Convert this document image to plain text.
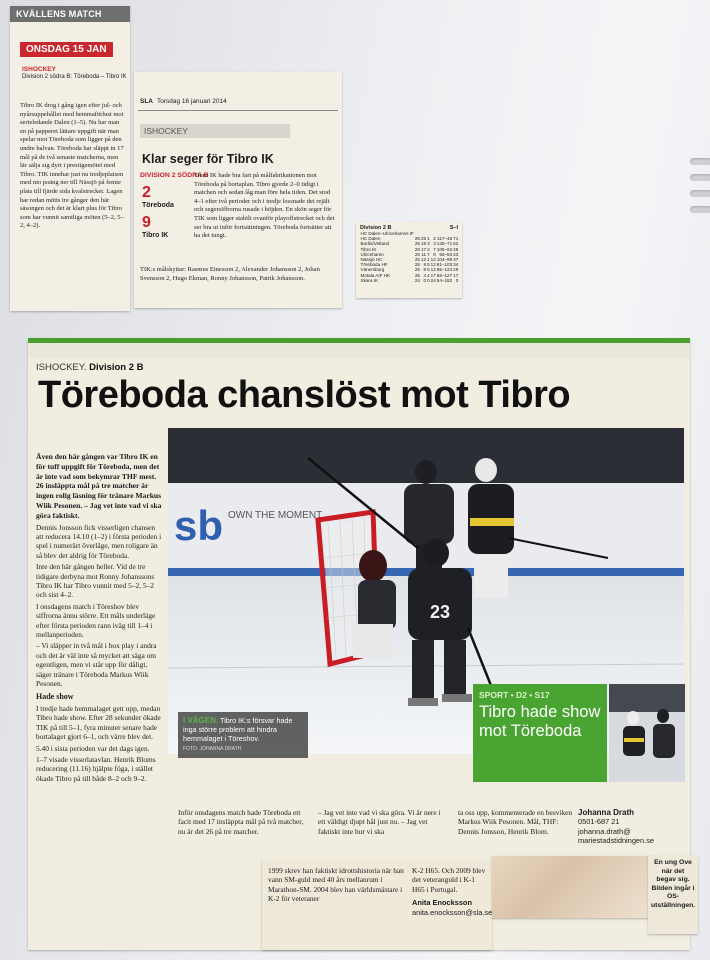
KVÄLLENS MATCH
ONSDAG 15 JAN
ISHOCKEY
Division 2 södra B: Töreboda – Tibro IK
Tibro IK drog i gång igen efter jul- och nyårsuppehållet med hemmaförlust mot serieledande Dalen (1–5). Nu har man en på papperet lättare uppgift när man spelar mot Töreboda som ligger på den undre halvan. Töreboda har släppt in 17 mål på de två senaste matcherna, men lär sälja sig dyrt i prestigemötet med Tibro. TIK innehar just nu tredjeplatsen med nio poäng ner till Nässjö på femte plats till fjärde sida kvalstrecket. Lagen har redan mötts tre gånger den här säsongen och det är klart plus för Tibro som har vunnit samtliga möten (5–2, 5–2, 4–2).
SLA Torsdag 16 januari 2014
ISHOCKEY
Klar seger för Tibro IK
DIVISION 2 SÖDRA B
2
Töreboda
9
Tibro IK
Tibro IK hade bra fart på målfabrikationen mot Töreboda på bortaplan. Tibro gjorde 2–0 tidigt i matchen och sedan låg man före hela tiden. Det stod 4–1 efter två perioder och i tredje lossnade det rejält och segersiffrorna rusade i höjden. En skön seger för TIK som ligger stabilt ovanför playoffstrecket och det ser bra ut inför fortsättningen. Töreboda fortsätter att ha det tungt.
TIK:s målskyttar: Rasmus Einesson 2, Alexander Johansson 2, Johan Svensson 2, Hugo Ekman, Ronny Johansson, Patrik Johansson.
Division 2 B	S–I
HC Dalen–Ulricehamns IF						
HC Dalen	26	25	1	2	117–48	71
Borås/Vetland	25	19	3	3	130–71	62
Tibro IK	26	17	2	7	105–62	49
Ulricehamn	26	11	7	8	93–84	43
Nässjö HC	25	12	1	12	104–99	37
Töreboda HF	25	8	5	12	81–103	34
Vänersborg	25	8	5	12	85–123	29
Motala AIF HK	25	4	4	17	58–127	17
Skara IK	24	0	0	24	54–182	0
ISHOCKEY. Division 2 B
Töreboda chanslöst mot Tibro

Även den här gången var Tibro IK en för tuff uppgift för Töreboda, men det är inte vad som bekymrar THF mest. 26 insläppta mål på tre matcher är ingen rolig läsning för tränare Markus Wiik Pesonen. – Jag vet inte vad vi ska göra faktiskt.

Dennis Jonsson fick visserligen chansen att reducera 14.10 (1–2) i första perioden i spel i numerärt överläge, men roligare än så blev det aldrig för Töreboda.

Inte den här gången heller. Vid de tre tidigare derbyna mot Ronny Johanssons Tibro IK har Tibro vunnit med 5–2, 5–2 och sist 4–2.

I onsdagens match i Töreshov blev siffrorna ännu större. Ett måls underläge efter första perioden rann iväg till 1–4 i mellanperioden.

– Vi släpper in två mål i box play i andra och det är väl inte så mycket att säga om egentligen, men vi står upp för dåligt, säger tränare i Töreboda Markus Wiik Pesonen.

Hade show

I tredje hade hemmalaget gett upp, medan Tibro hade show. Efter 28 sekunder ökade TIK på till 5–1, fyra minuter senare hade bortalaget gjort 6–1, och värre blev det.

5.40 i sista perioden var det dags igen.

1–7 visade visserlatavlan. Henrik Bloms reducering (11.16) hjälpte föga, i stället ökade Tibro på till både 8–2 och 9–2.

sb OWN THE MOMENT
23
I VÅGEN. Tibro IK:s försvar hade inga större problem att hindra hemmalaget i Töreshov.
FOTO: JOHANNA DRATH
SPORT • D2 • S17
Tibro hade show mot Töreboda
Inför onsdagens match hade Töreboda ett facit med 17 insläppta mål på två matcher, nu är det 26 på tre matcher.
– Jag vet inte vad vi ska göra. Vi är nere i ett väldigt djupt hål just nu. – Jag vet faktiskt inte hur vi ska
ta oss upp, kommenterade en besviken Markus Wiik Pesonen. Mål, THF: Dennis Jonsson, Henrik Blom.
Johanna Drath
0501-687 21
johanna.drath@ mariestadstidningen.se
1999 skrev han faktiskt idrottshistoria när han vann SM-guld med 40 års mellanrum i Marathon-SM. 2004 blev han världsmästare i K-2 för veteraner
K-2 H65. Och 2009 blev det veteranguld i K-1 H65 i Portugal.
Anita Enocksson
anita.enocksson@sla.se
En ung Ove när det begav sig. Bilden ingår i OS-utställningen.
